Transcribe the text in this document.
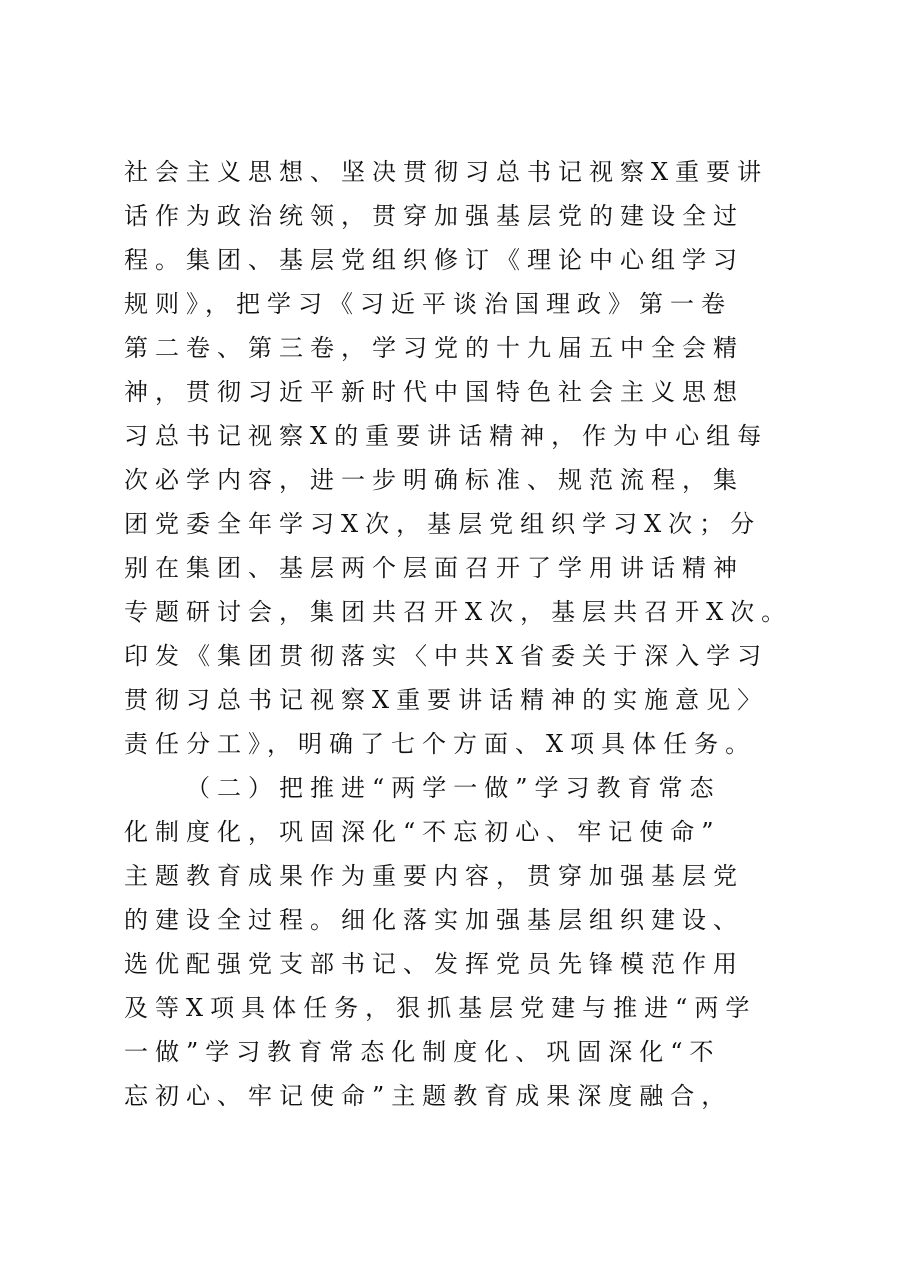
社会主义思想、坚决贯彻习总书记视察X重要讲
话作为政治统领，贯穿加强基层党的建设全过
程。集团、基层党组织修订《理论中心组学习
规则》，把学习《习近平谈治国理政》第一卷
第二卷、第三卷，学习党的十九届五中全会精
神，贯彻习近平新时代中国特色社会主义思想
习总书记视察X的重要讲话精神，作为中心组每
次必学内容，进一步明确标准、规范流程，集
团党委全年学习X次，基层党组织学习X次；分
别在集团、基层两个层面召开了学用讲话精神
专题研讨会，集团共召开X次，基层共召开X次。
印发《集团贯彻落实〈中共X省委关于深入学习
贯彻习总书记视察X重要讲话精神的实施意见〉
责任分工》，明确了七个方面、X项具体任务。
（二）把推进“两学一做”学习教育常态
化制度化，巩固深化“不忘初心、牢记使命”
主题教育成果作为重要内容，贯穿加强基层党
的建设全过程。细化落实加强基层组织建设、
选优配强党支部书记、发挥党员先锋模范作用
及等X项具体任务，狠抓基层党建与推进“两学
一做”学习教育常态化制度化、巩固深化“不
忘初心、牢记使命”主题教育成果深度融合，
